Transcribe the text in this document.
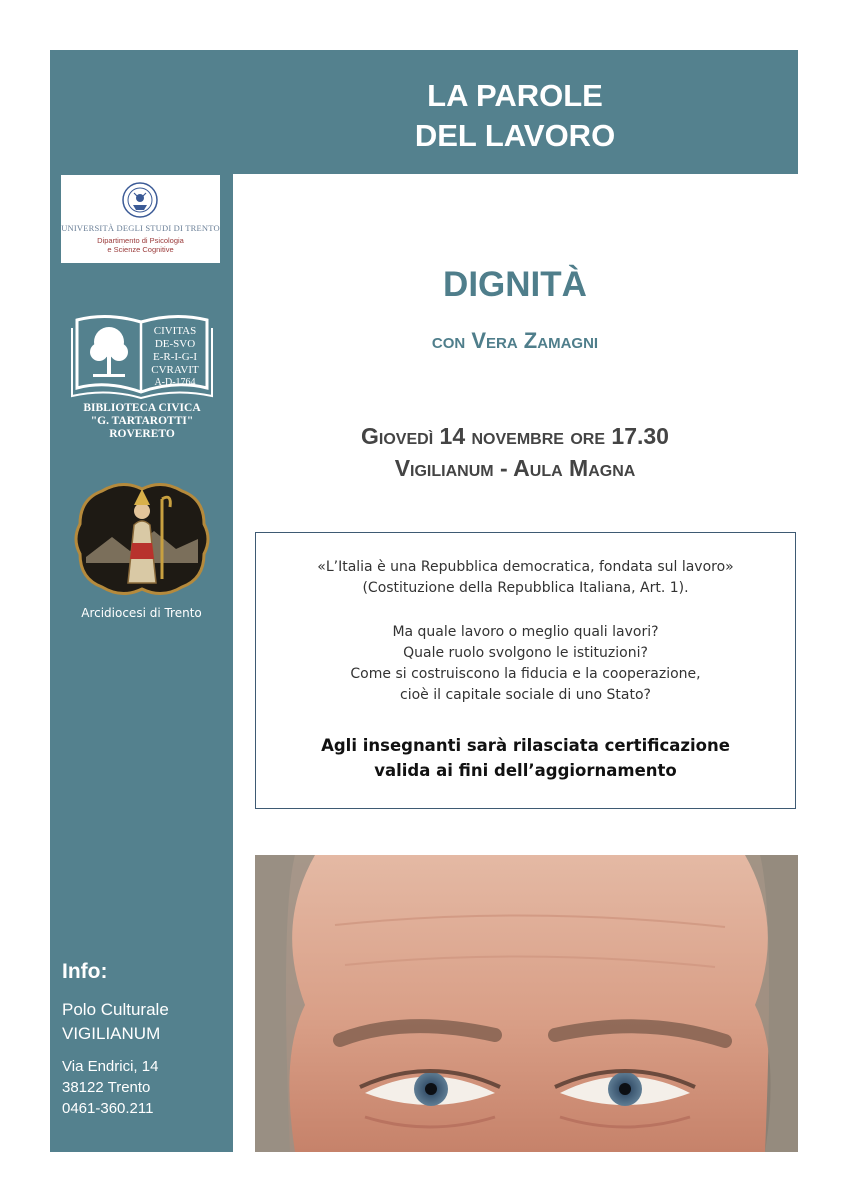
LA PAROLE
DEL LAVORO
UNIVERSITÀ DEGLI STUDI DI TRENTO
Dipartimento di Psicologia
e Scienze Cognitive
CIVITAS
DE-SVO
E-R-I-G-I
CVRAVIT
A-D-1764
BIBLIOTECA CIVICA
"G. TARTAROTTI"
ROVERETO
Arcidiocesi di Trento
Info:
Polo Culturale
VIGILIANUM
Via Endrici, 14
38122 Trento
0461-360.211
DIGNITÀ
con Vera Zamagni
Giovedì 14 novembre ore 17.30
Vigilianum - Aula Magna
«L’Italia è una Repubblica democratica, fondata sul lavoro»
(Costituzione della Repubblica Italiana, Art. 1).
Ma quale lavoro o meglio quali lavori?
Quale ruolo svolgono le istituzioni?
Come si costruiscono la fiducia e la cooperazione,
cioè il capitale sociale di uno Stato?
Agli insegnanti sarà rilasciata certificazione
valida ai fini dell’aggiornamento
